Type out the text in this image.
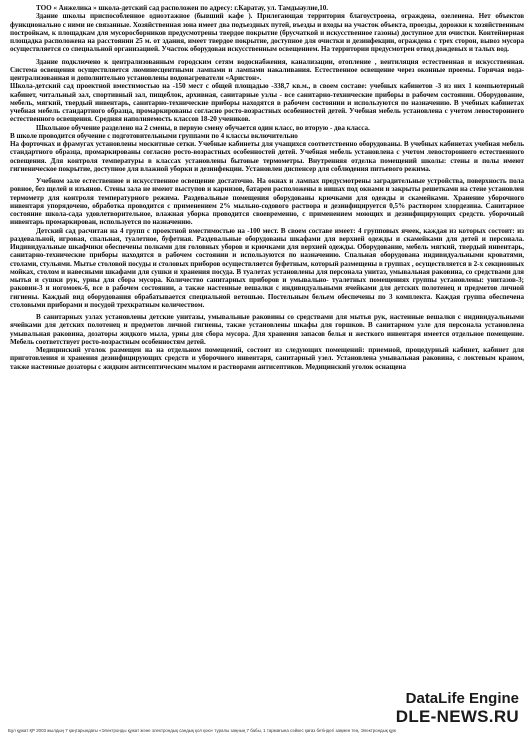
ТОО « Анжелика » школа-детский сад расположен по адресу: г.Каратау, ул. Тамдыаулие,10.

Здание школы приспособленное одноэтажное (бывший кафе ). Прилегающая территория благоустроена, ограждена, озеленена. Нет объектов функционально с ними не связанные. Хозяйственная зона имеет два подъездных путей, въезды и входы на участок объекта, проезды, дорожки к хозяйственным постройкам, к площадкам для мусоросборников предусмотрены твердое покрытие (брусчаткой и искусственное газоны) доступное для очистки. Контейнерная площадка расположена на расстоянии 25 м. от здания, имеет твердое покрытие, доступное для очистки и дезинфекции, ограждена с трех сторон, вывоз мусора осуществляется со специальной организацией. Участок оборудован искусственным освещением. На территории предусмотрен отвод дождевых и талых вод.

Здание подключено к централизованным городским сетям водоснабжения, канализации, отопление , вентиляция естественная и искусственная. Система освещения осуществляется люминесцентными лампами и лампами накаливания. Естественное освещение через оконные проемы. Горячая вода-централизованная и дополнительно установлены водонагреватели «Аристон».

Школа-детский сад проектной вместимостью на -150 мест с общей площадью -338,7 кв.м., в своем составе: учебных кабинетов -3 из них 1 компьютерный кабинет, читальный зал, спортивный зал, пищеблок, архивная, санитарные узлы - все санитарно-технические приборы в рабочем состоянии. Оборудование, мебель, мягкий, твердый инвентарь, санитарно-технические приборы находятся в рабочем состоянии и используются по назначению. В учебных кабинетах учебная мебель стандартного образца, промаркированы согласно росто-возрастных особенностей детей. Учебная мебель установлена с учетом левостороннего естественного освещения. Средняя наполняемость классов 18-20 учеников.

Школьное обучение разделено на 2 смены, в первую смену обучается один класс, во вторую - два класса.

В школе проводится обучение с подготовительными группами по 4 классы включительно

На форточках и фрамугах установлены москитные сетки. Учебные кабинеты для учащихся соответственно оборудованы. В учебных кабинетах учебная мебель стандартного образца, промаркированы согласно росто-возрастных особенностей детей. Учебная мебель установлена с учетом левостороннего естественного освещения. Для контроля температуры в классах установлены бытовые термометры. Внутренняя отделка помещений школы: стены и полы имеют гигиеническое покрытие, доступное для влажной уборки и дезинфекции. Установлен диспенсер для соблюдения питьевого режима.

Учебном зале естественное и искусственное освещение достаточно. На окнах и лампах предусмотрены заградительные устройства, поверхность пола ровное, без щелей и изъянов. Стены зала не имеют выступов и карнизов, батареи расположены в нишах под окнами и закрыты решетками на стене установлен термометр для контроля температурного режима. Раздевальные помещения оборудованы крючками для одежды и скамейками. Хранение уборочного инвентаря упорядочено, обработка проводится с применением 2% мыльно-содового раствора и дезинфицируется 0,5% раствором хлордезина. Санитарное состояние школа-сада удовлетворительное, влажная уборка проводится своевременно, с применением моющих и дезинфицирующих средств. уборочный инвентарь промаркирован, используется по назначению.

Детский сад расчитан на 4 групп с проектной вместимостью на -100 мест. В своем составе имеет: 4 групповых ячеек, каждая из которых состоит: из раздевальной, игровая, спальная, туалетное, буфетная. Раздевальные оборудованы шкафами для верхней одежды и скамейками для детей и персонала. Индивидуальные шкафчики обеспечены полками для головных уборов и крючками для верхней одежды. Оборудование, мебель мягкий, твердый инвентарь, санитарно-технические приборы находятся в рабочем состоянии и используются по назначению. Спальная оборудована индивидуальными кроватями, столами, стульями. Мытье столовой посуды и столовых приборов осуществляется буфетным, который размещены в группах , осуществляется в 2-х секционных мойках, столом и навесными шкафами для сушки и хранения посуда. В туалетах установлены для персонала унитаз, умывальная раковина, со средствами для мытья и сушки рук, урны для сбора мусора. Количество санитарных приборов и умывально- туалетных помещениях группы установлены: унитазов-3; раковин-3 и ногомоек-6, все в рабочем состоянии, а также настенные вешалки с индивидуальными ячейками для детских полотенец и предметов личной гигиены. Каждый вид оборудования обрабатывается специальной ветошью. Постельным бельем обеспечены по 3 комплекта. Каждая группа обеспечена столовыми приборами и посудой трехкратным количеством.

В санитарных узлах установлены детские унитазы, умывальные раковины со средствами для мытья рук, настенные вешалки с индивидуальными ячейками для детских полотенец и предметов личной гигиены, также установлены шкафы для горшков. В санитарном узле для персонала установлена умывальная раковина, дозаторы жидкого мыла, урны для сбора мусора. Для хранения запасов белья и жесткого инвентаря имеется отдельное помещение. Мебель соответствует росто-возрастным особенностям детей.

Медицинский уголок размещен на на отдельном помещений, состоит из следующих помещений: приемной, процедурный кабинет, кабинет для приготовления и хранения дезинфицирующих средств и уборочного инвентаря, санитарный узел. Установлена умывальная раковина, с локтевым краном, также настенные дозаторы с жидким антисептическим мылом и растворами антисептиков. Медицинский уголок оснащена

Бұл құжат ҚР 2003 жылдың 7 қаңтарындағы «Электронды құжат және электрондық сандық қол қою» туралы заңның 7 бабы, 1 тармағына сәйкес қағаз бетіндегі заңмен тең. Электрондық құж
DataLife Engine
DLE-NEWS.RU
